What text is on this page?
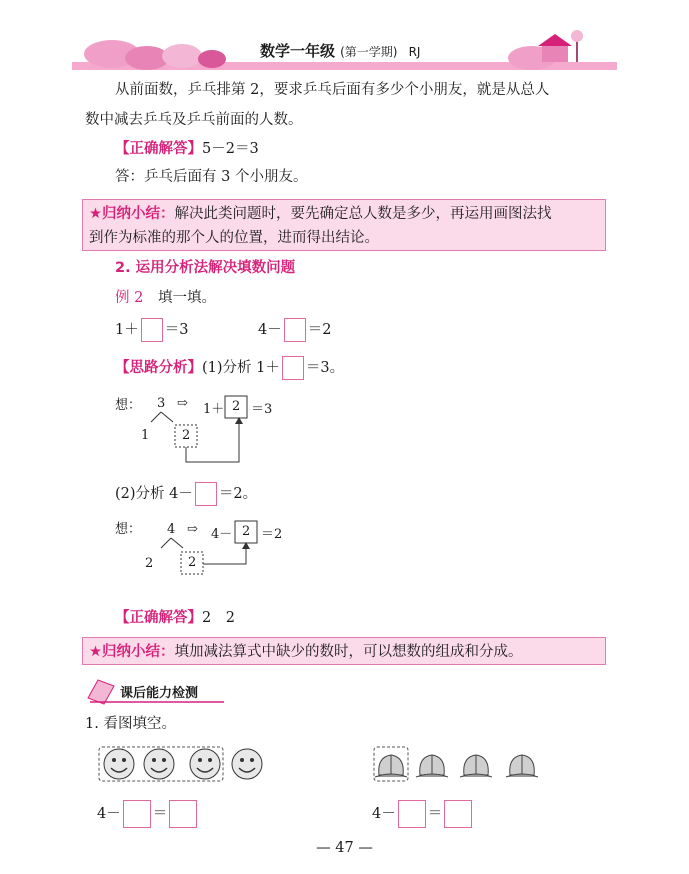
数学一年级 (第一学期) RJ
从前面数，乒乓排第 2，要求乒乓后面有多少个小朋友，就是从总人
数中减去乒乓及乒乓前面的人数。
【正确解答】5－2＝3
答：乒乓后面有 3 个小朋友。
★归纳小结：解决此类问题时，要先确定总人数是多少，再运用画图法找
到作为标准的那个人的位置，进而得出结论。
2. 运用分析法解决填数问题
例 2 填一填。
1＋ ＝3	4－ ＝2
【思路分析】(1)分析 1＋ ＝3。
想： 3
1	2
⇨ 1＋ 2 ＝3
(2)分析 4－ ＝2。
想： 4
2	2
⇨ 4－ 2 ＝2
【正确解答】2　2
★归纳小结：填加减法算式中缺少的数时，可以想数的组成和分成。
课后能力检测
1. 看图填空。
4－ ＝	4－ ＝
— 47 —
